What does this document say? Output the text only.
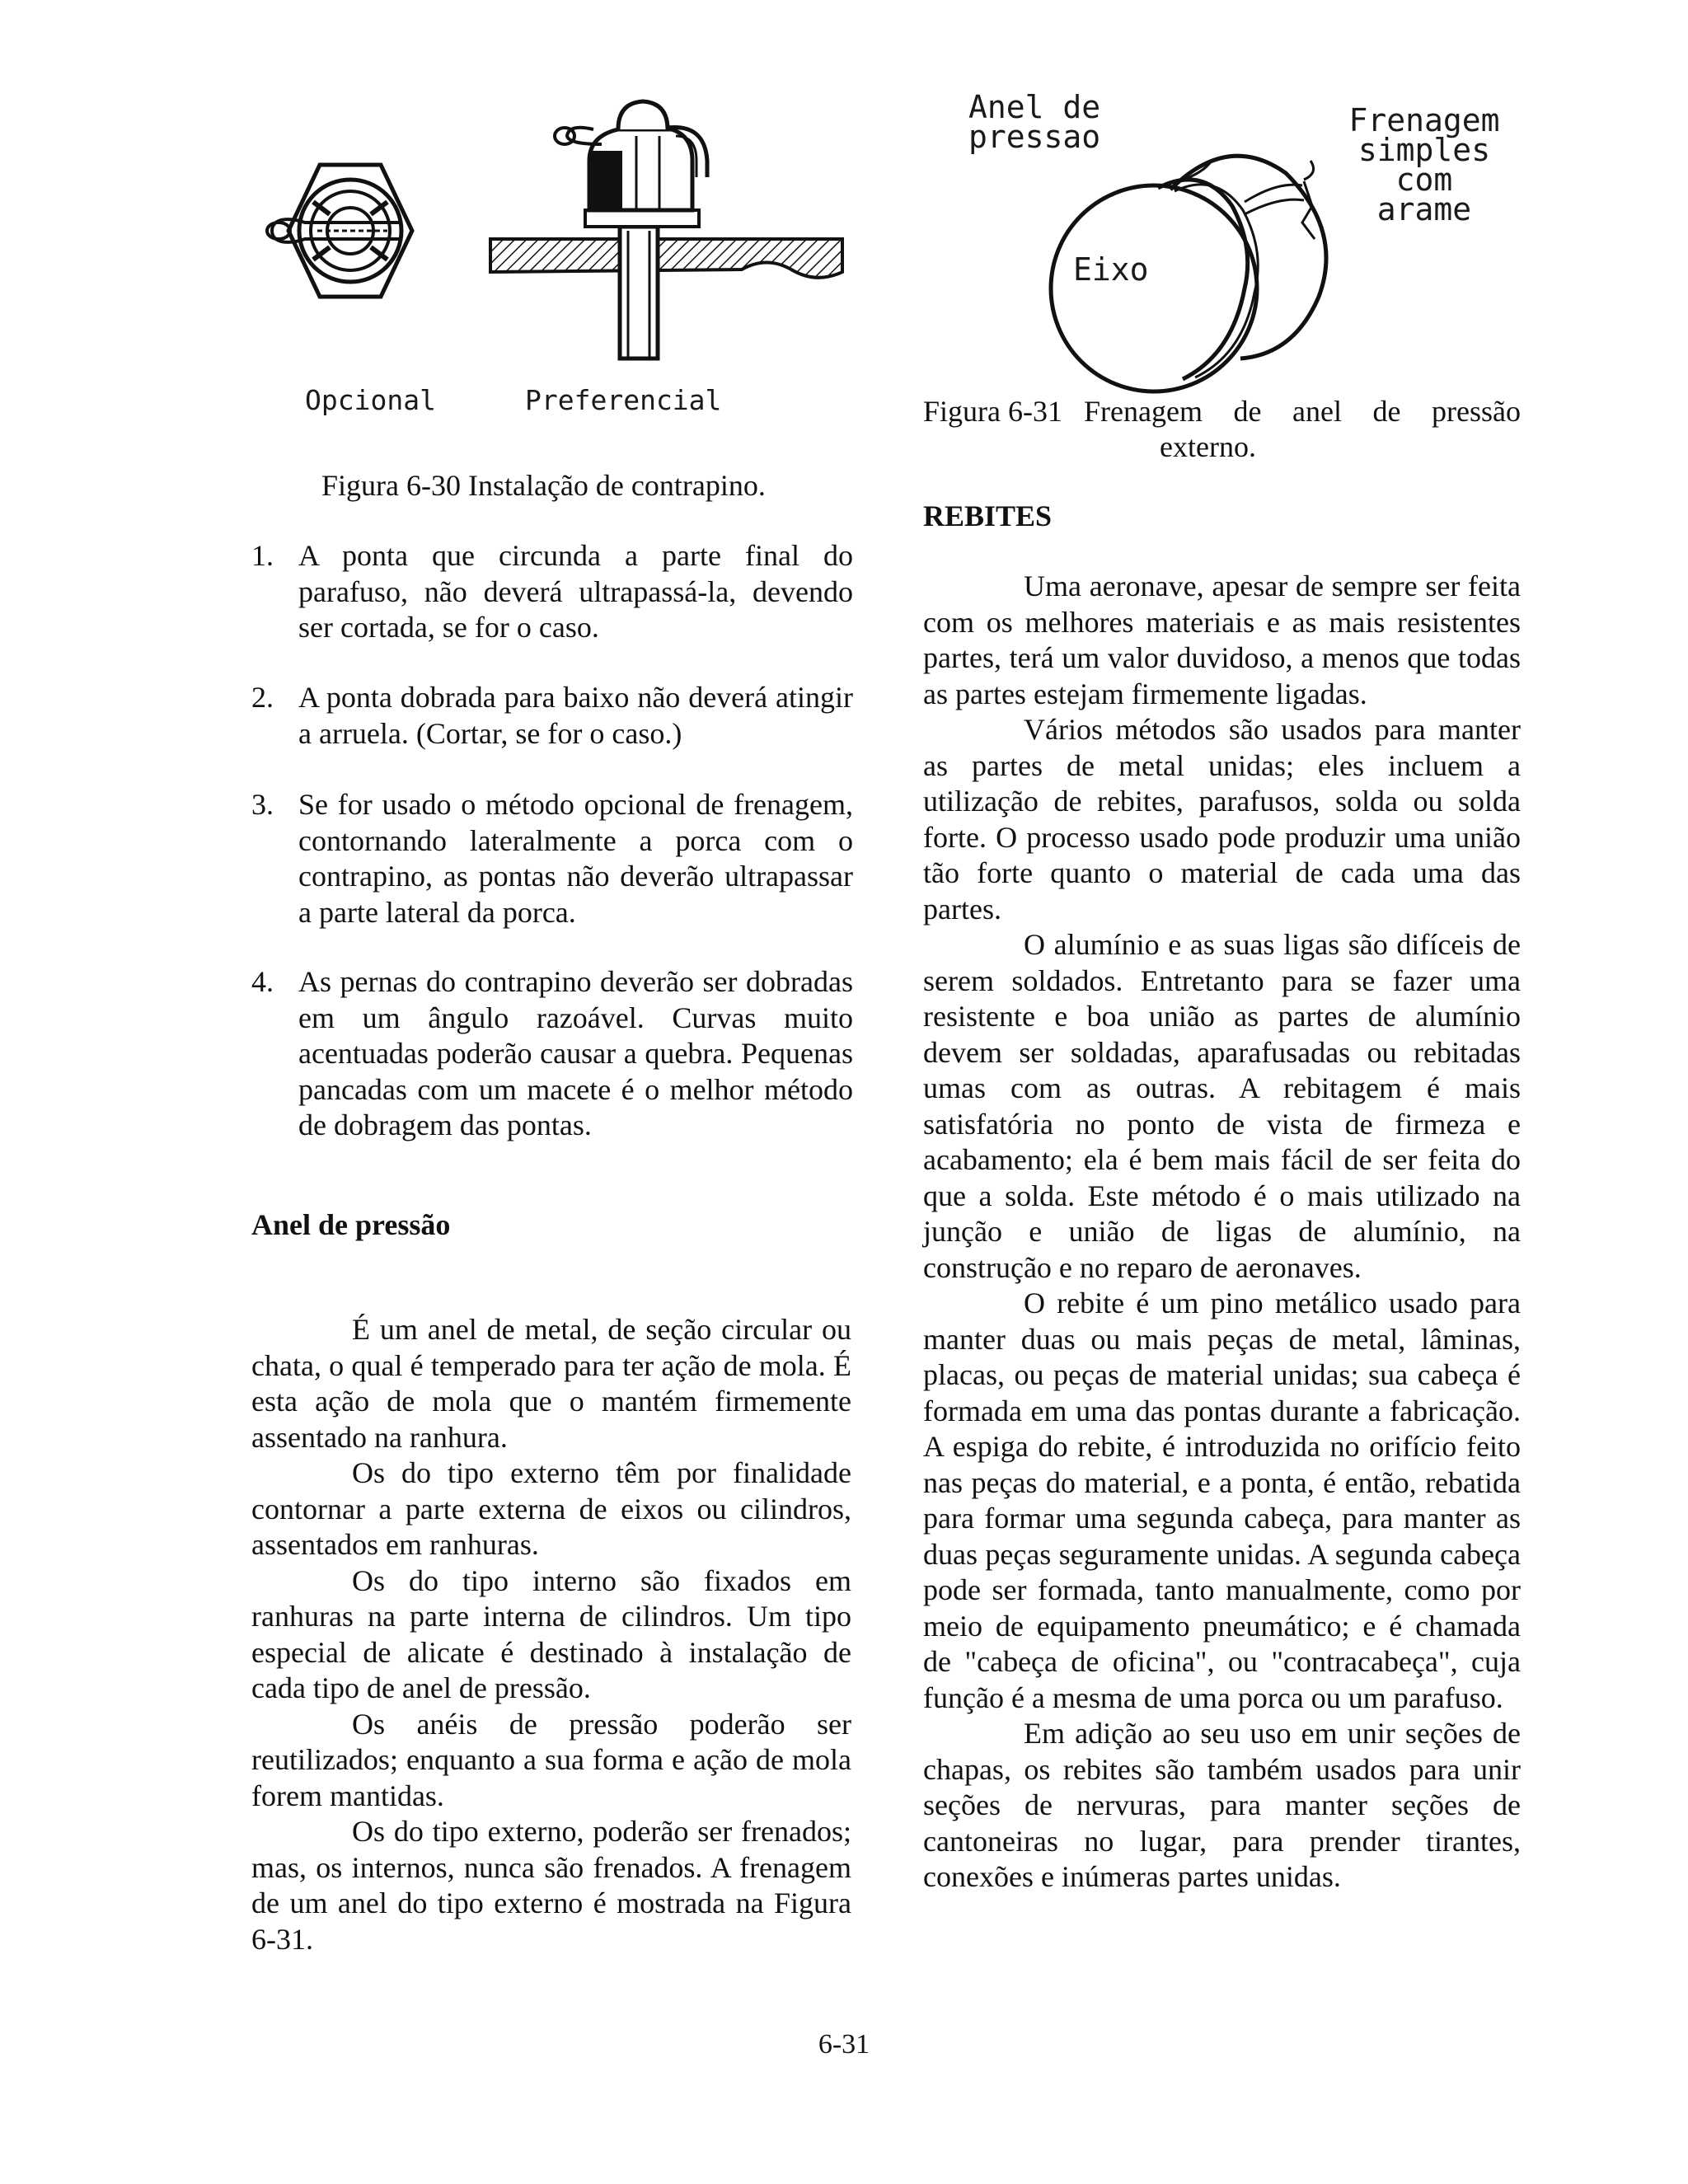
Opcional	Preferencial
Figura 6-30 Instalação de contrapino.
Anel de
pressao
Eixo
Frenagem
simples
com
arame
Figura 6-31 Frenagem de anel de pressão
externo.
1. A ponta que circunda a parte final do parafuso, não deverá ultrapassá-la, devendo ser cortada, se for o caso.
2. A ponta dobrada para baixo não deverá atingir a arruela. (Cortar, se for o caso.)
3. Se for usado o método opcional de frenagem, contornando lateralmente a porca com o contrapino, as pontas não deverão ultrapassar a parte lateral da porca.
4. As pernas do contrapino deverão ser dobradas em um ângulo razoável. Curvas muito acentuadas poderão causar a quebra. Pequenas pancadas com um macete é o melhor método de dobragem das pontas.
Anel de pressão

É um anel de metal, de seção circular ou chata, o qual é temperado para ter ação de mola. É esta ação de mola que o mantém firmemente assentado na ranhura.

Os do tipo externo têm por finalidade contornar a parte externa de eixos ou cilindros, assentados em ranhuras.

Os do tipo interno são fixados em ranhuras na parte interna de cilindros. Um tipo especial de alicate é destinado à instalação de cada tipo de anel de pressão.

Os anéis de pressão poderão ser reutilizados; enquanto a sua forma e ação de mola forem mantidas.

Os do tipo externo, poderão ser frenados; mas, os internos, nunca são frenados. A frenagem de um anel do tipo externo é mostrada na Figura 6-31.

REBITES

Uma aeronave, apesar de sempre ser feita com os melhores materiais e as mais resistentes partes, terá um valor duvidoso, a menos que todas as partes estejam firmemente ligadas.

Vários métodos são usados para manter as partes de metal unidas; eles incluem a utilização de rebites, parafusos, solda ou solda forte. O processo usado pode produzir uma união tão forte quanto o material de cada uma das partes.

O alumínio e as suas ligas são difíceis de serem soldados. Entretanto para se fazer uma resistente e boa união as partes de alumínio devem ser soldadas, aparafusadas ou rebitadas umas com as outras. A rebitagem é mais satisfatória no ponto de vista de firmeza e acabamento; ela é bem mais fácil de ser feita do que a solda. Este método é o mais utilizado na junção e união de ligas de alumínio, na construção e no reparo de aeronaves.

O rebite é um pino metálico usado para manter duas ou mais peças de metal, lâminas, placas, ou peças de material unidas; sua cabeça é formada em uma das pontas durante a fabricação. A espiga do rebite, é introduzida no orifício feito nas peças do material, e a ponta, é então, rebatida para formar uma segunda cabeça, para manter as duas peças seguramente unidas. A segunda cabeça pode ser formada, tanto manualmente, como por meio de equipamento pneumático; e é chamada de "cabeça de oficina", ou "contracabeça", cuja função é a mesma de uma porca ou um parafuso.

Em adição ao seu uso em unir seções de chapas, os rebites são também usados para unir seções de nervuras, para manter seções de cantoneiras no lugar, para prender tirantes, conexões e inúmeras partes unidas.

6-31
